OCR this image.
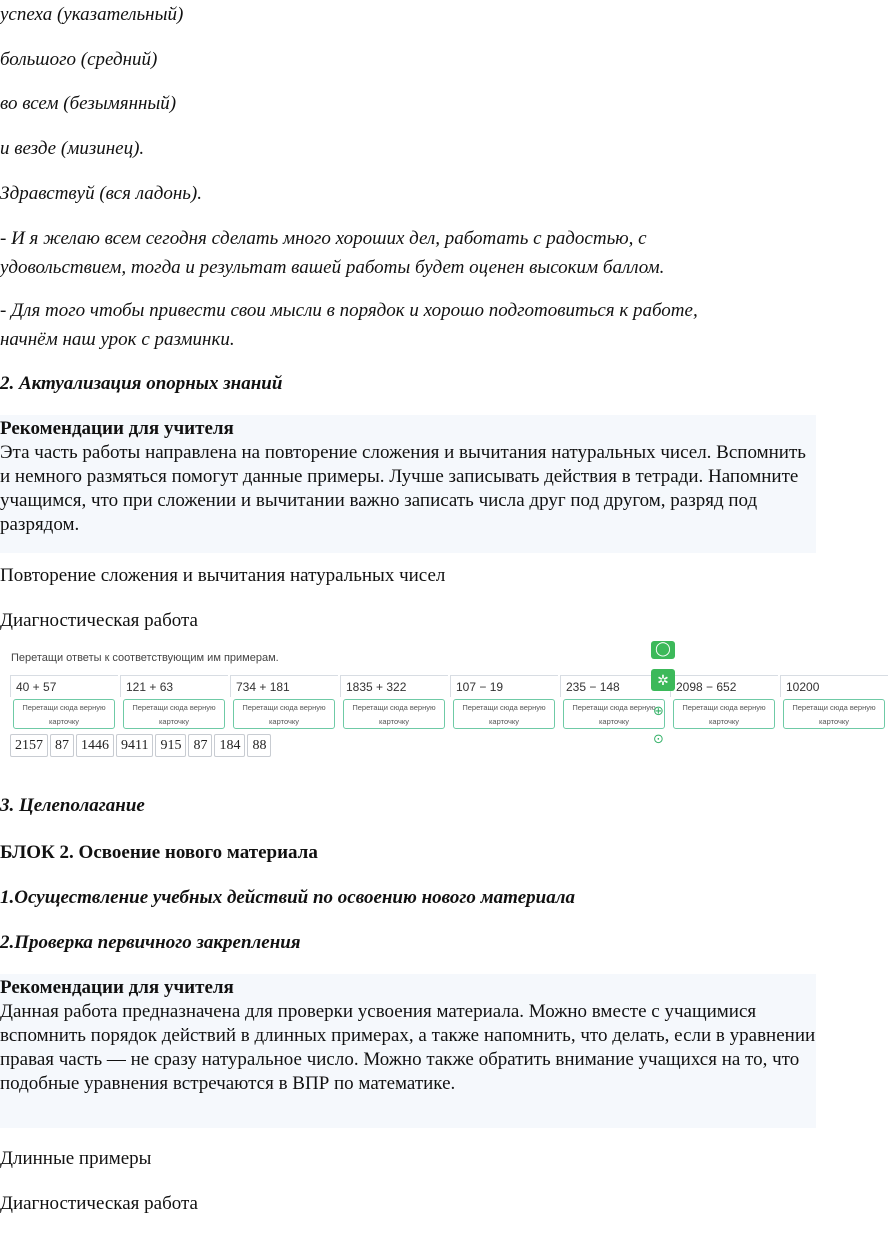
успеха (указательный)

большого (средний)

во всем (безымянный)

и везде (мизинец).

Здравствуй (вся ладонь).

- И я желаю всем сегодня сделать много хороших дел, работать с радостью, с

удовольствием, тогда и результат вашей работы будет оценен высоким баллом.

- Для того чтобы привести свои мысли в порядок и хорошо подготовиться к работе,

начнём наш урок с разминки.

2. Актуализация опорных знаний

Рекомендации для учителя
Эта часть работы направлена на повторение сложения и вычитания натуральных чисел. Вспомнить и немного размяться помогут данные примеры. Лучше записывать действия в тетради. Напомните учащимся, что при сложении и вычитании важно записать числа друг под другом, разряд под разрядом.

Повторение сложения и вычитания натуральных чисел

Диагностическая работа

Перетащи ответы к соответствующим им примерам.
40 + 57
Перетащи сюда верную карточку
121 + 63
Перетащи сюда верную карточку
734 + 181
Перетащи сюда верную карточку
1835 + 322
Перетащи сюда верную карточку
107 − 19
Перетащи сюда верную карточку
235 − 148
Перетащи сюда верную карточку
2098 − 652
Перетащи сюда верную карточку
10200
Перетащи сюда верную карточку
2157 87 1446 9411 915 87 184 88
◯
✲
⊕
⊙

3. Целеполагание

БЛОК 2. Освоение нового материала

1.Осуществление учебных действий по освоению нового материала

2.Проверка первичного закрепления

Рекомендации для учителя
Данная работа предназначена для проверки усвоения материала. Можно вместе с учащимися вспомнить порядок действий в длинных примерах, а также напомнить, что делать, если в уравнении правая часть — не сразу натуральное число. Можно также обратить внимание учащихся на то, что подобные уравнения встречаются в ВПР по математике.

Длинные примеры

Диагностическая работа
